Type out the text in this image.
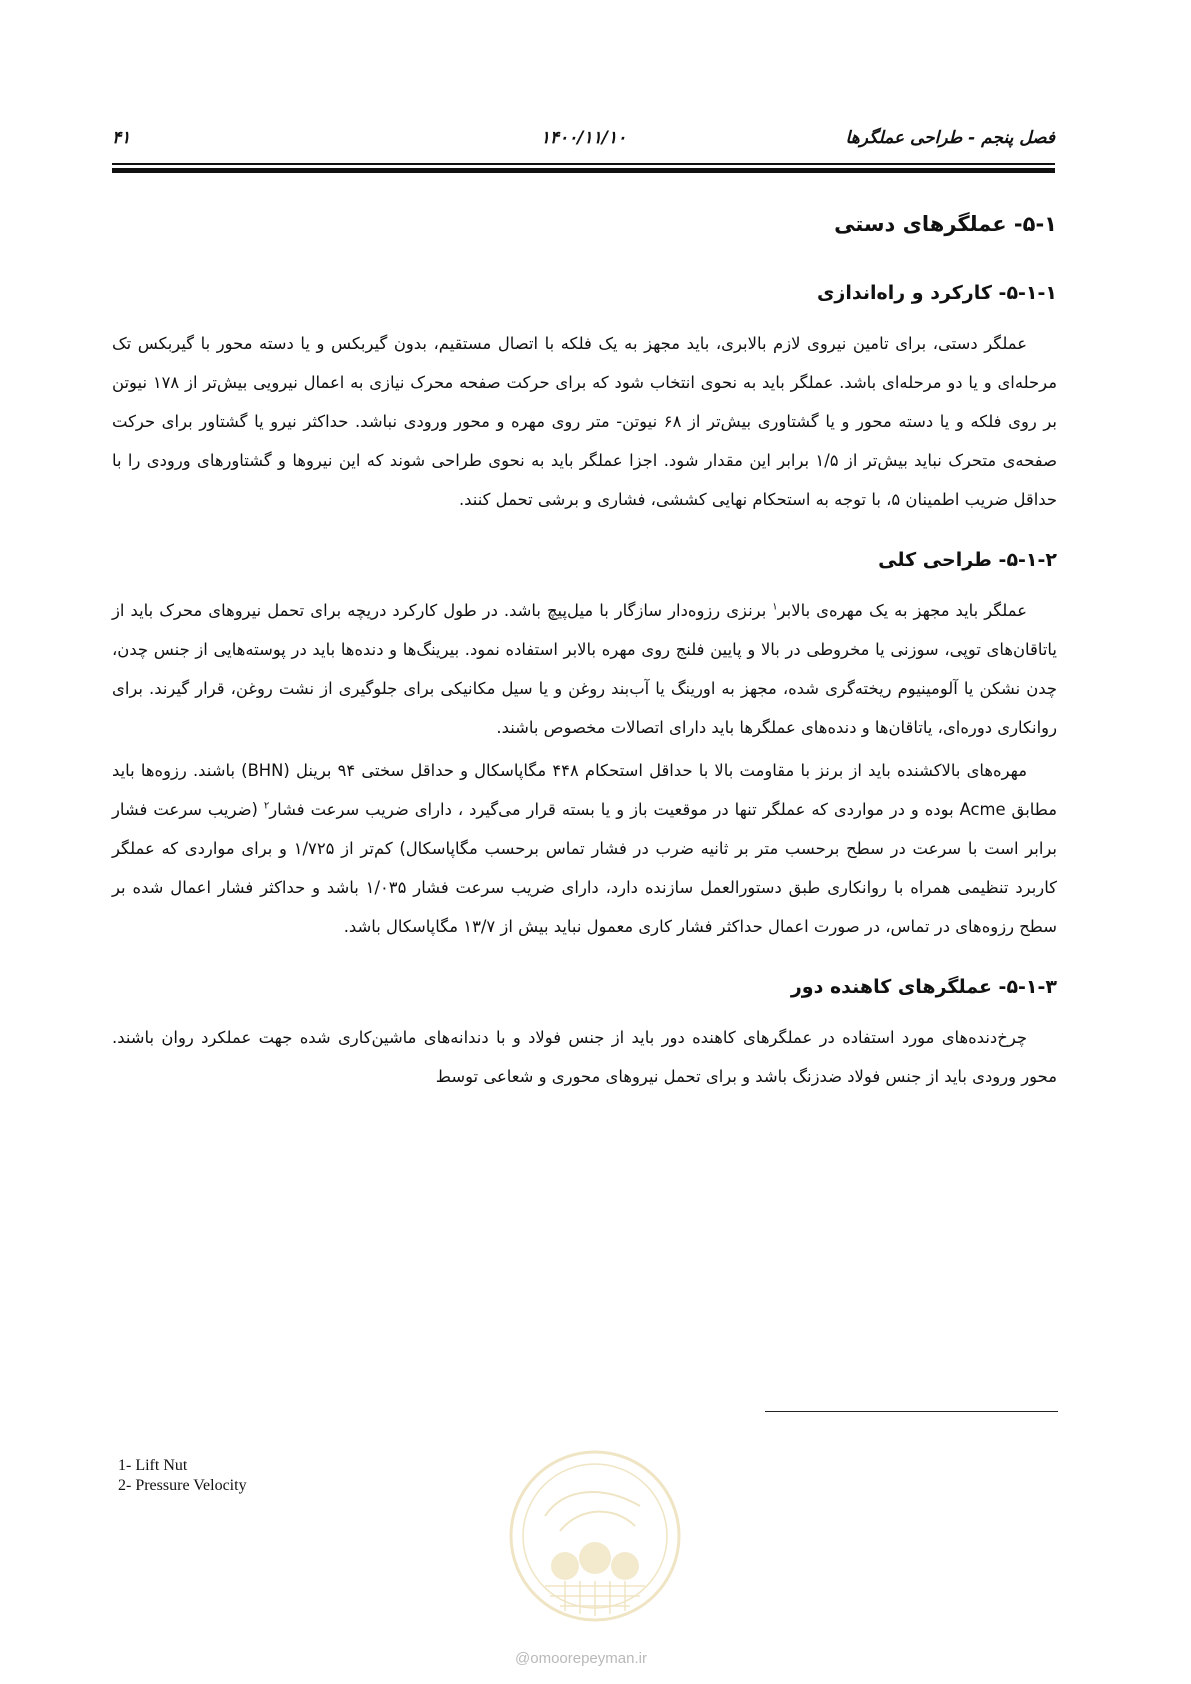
فصل پنجم - طراحی عملگرها
۱۴۰۰/۱۱/۱۰
۴۱
۵-۱- عملگرهای دستی
۵-۱-۱- کارکرد و راه‌اندازی

عملگر دستی، برای تامین نیروی لازم بالابری، باید مجهز به یک فلکه با اتصال مستقیم، بدون گیربکس و یا دسته محور با گیربکس تک مرحله‌ای و یا دو مرحله‌ای باشد. عملگر باید به نحوی انتخاب شود که برای حرکت صفحه محرک نیازی به اعمال نیرویی بیش‌تر از ۱۷۸ نیوتن بر روی فلکه و یا دسته محور و یا گشتاوری بیش‌تر از ۶۸ نیوتن- متر روی مهره و محور ورودی نباشد. حداکثر نیرو یا گشتاور برای حرکت صفحه‌ی متحرک نباید بیش‌تر از ۱/۵ برابر این مقدار شود. اجزا عملگر باید به نحوی طراحی شوند که این نیروها و گشتاورهای ورودی را با حداقل ضریب اطمینان ۵، با توجه به استحکام نهایی کششی، فشاری و برشی تحمل کنند.

۵-۱-۲- طراحی کلی

عملگر باید مجهز به یک مهره‌ی بالابر$^۱$ برنزی رزوه‌دار سازگار با میل‌پیچ باشد. در طول کارکرد دریچه برای تحمل نیروهای محرک باید از یاتاقان‌های توپی، سوزنی یا مخروطی در بالا و پایین فلنج روی مهره بالابر استفاده نمود. بیرینگ‌ها و دنده‌ها باید در پوسته‌هایی از جنس چدن، چدن نشکن یا آلومینیوم ریخته‌گری شده، مجهز به اورینگ یا آب‌بند روغن و یا سیل مکانیکی برای جلوگیری از نشت روغن، قرار گیرند. برای روانکاری دوره‌ای، یاتاقان‌ها و دنده‌های عملگرها باید دارای اتصالات مخصوص باشند.

مهره‌های بالاکشنده باید از برنز با مقاومت بالا با حداقل استحکام ۴۴۸ مگاپاسکال و حداقل سختی ۹۴ برینل (BHN) باشند. رزوه‌ها باید مطابق Acme بوده و در مواردی که عملگر تنها در موقعیت باز و یا بسته قرار می‌گیرد ، دارای ضریب سرعت فشار$^۲$ (ضریب سرعت فشار برابر است با سرعت در سطح برحسب متر بر ثانیه ضرب در فشار تماس برحسب مگاپاسکال) کم‌تر از ۱/۷۲۵ و برای مواردی که عملگر کاربرد تنظیمی همراه با روانکاری طبق دستورالعمل سازنده دارد، دارای ضریب سرعت فشار ۱/۰۳۵ باشد و حداکثر فشار اعمال شده بر سطح رزوه‌های در تماس، در صورت اعمال حداکثر فشار کاری معمول نباید بیش از ۱۳/۷ مگاپاسکال باشد.

۵-۱-۳- عملگرهای کاهنده دور

چرخ‌دنده‌های مورد استفاده در عملگرهای کاهنده دور باید از جنس فولاد و با دندانه‌های ماشین‌کاری شده جهت عملکرد روان باشند. محور ورودی باید از جنس فولاد ضدزنگ باشد و برای تحمل نیروهای محوری و شعاعی توسط

1- Lift Nut
2- Pressure Velocity
@omoorepeyman.ir
